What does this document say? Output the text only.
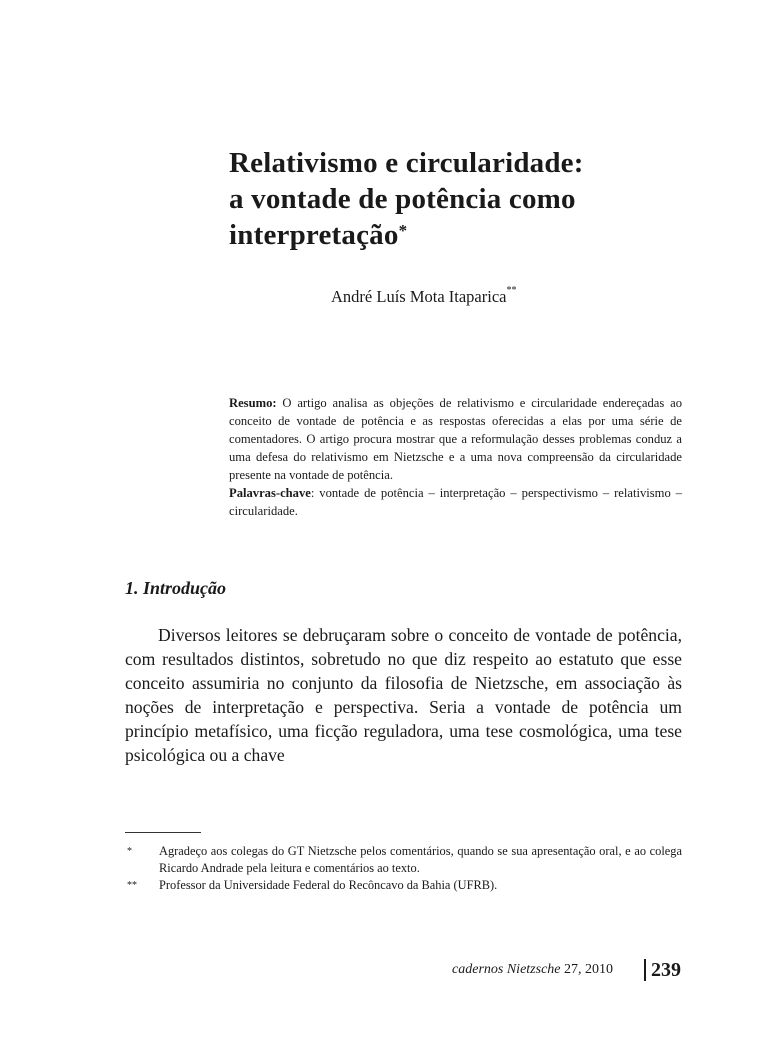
Relativismo e circularidade:
a vontade de potência como
interpretação*
André Luís Mota Itaparica**

Resumo: O artigo analisa as objeções de relativismo e circularidade endereçadas ao conceito de vontade de potência e as respostas oferecidas a elas por uma série de comentadores. O artigo procura mostrar que a reformulação desses problemas conduz a uma defesa do relativismo em Nietzsche e a uma nova compreensão da circularidade presente na vontade de potência.
Palavras-chave: vontade de potência – interpretação – perspectivismo – relativismo – circularidade.

1. Introdução

Diversos leitores se debruçaram sobre o conceito de vontade de potência, com resultados distintos, sobretudo no que diz respeito ao estatuto que esse conceito assumiria no conjunto da filosofia de Nietzsche, em associação às noções de interpretação e perspectiva. Seria a vontade de potência um princípio metafísico, uma ficção reguladora, uma tese cosmológica, uma tese psicológica ou a chave

*	Agradeço aos colegas do GT Nietzsche pelos comentários, quando se sua apresentação oral, e ao colega Ricardo Andrade pela leitura e comentários ao texto.
**	Professor da Universidade Federal do Recôncavo da Bahia (UFRB).
cadernos Nietzsche 27, 2010 239
